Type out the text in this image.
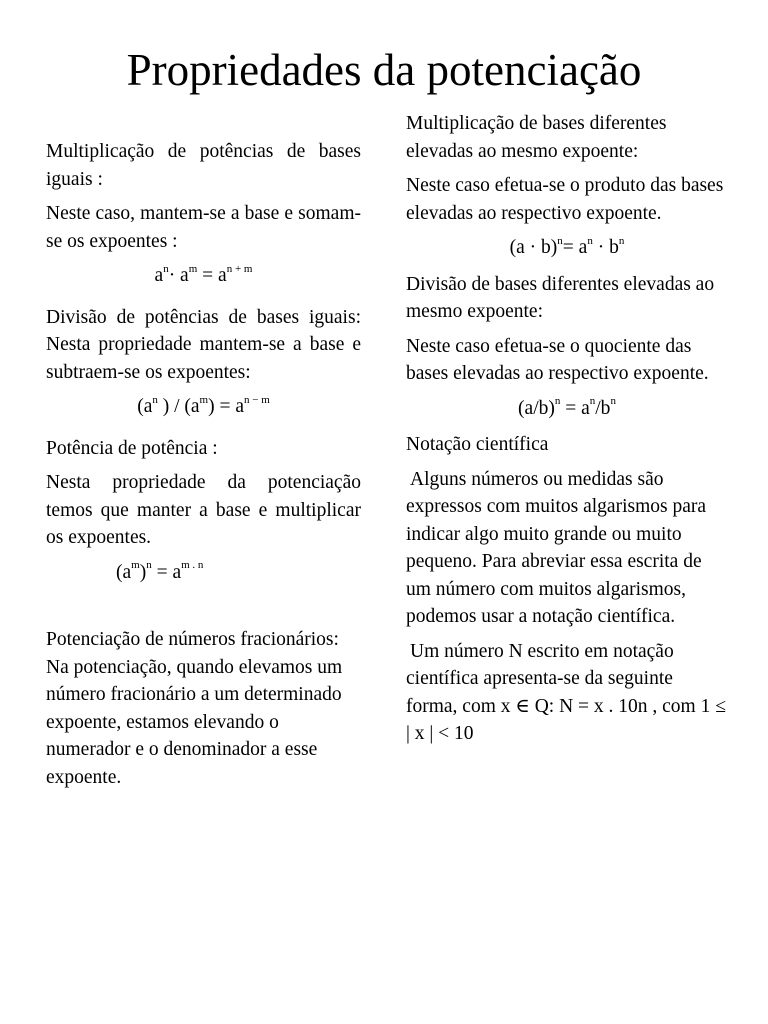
Propriedades da potenciação

Multiplicação de potências de bases iguais :

Neste caso, mantem-se a base e somam-se os expoentes :

$a^n\cdot a^m = a^{n + m}$

Divisão de potências de bases iguais: Nesta propriedade mantem-se a base e subtraem-se os expoentes:

($a^n$ ) / $(a^m) = a^{n - m}$

Potência de potência :

Nesta propriedade da potenciação temos que manter a base e multiplicar os expoentes.

$(a^m)^n = a^{m . n}$

Potenciação de números fracionários: Na potenciação, quando elevamos um número fracionário a um determinado expoente, estamos elevando o numerador e o denominador a esse expoente.

Multiplicação de bases diferentes elevadas ao mesmo expoente:

Neste caso efetua-se o produto das bases elevadas ao respectivo expoente.

$(a \cdot b)^n= a^n \cdot b^n$

Divisão de bases diferentes elevadas ao mesmo expoente:

Neste caso efetua-se o quociente das bases elevadas ao respectivo expoente.

$(a/b)^n = a^n/b^n$

Notação científica

Alguns números ou medidas são expressos com muitos algarismos para indicar algo muito grande ou muito pequeno. Para abreviar essa escrita de um número com muitos algarismos, podemos usar a notação científica.

Um número N escrito em notação científica apresenta-se da seguinte forma, com x ∈ Q: N = x . 10n , com 1 ≤ | x | < 10
